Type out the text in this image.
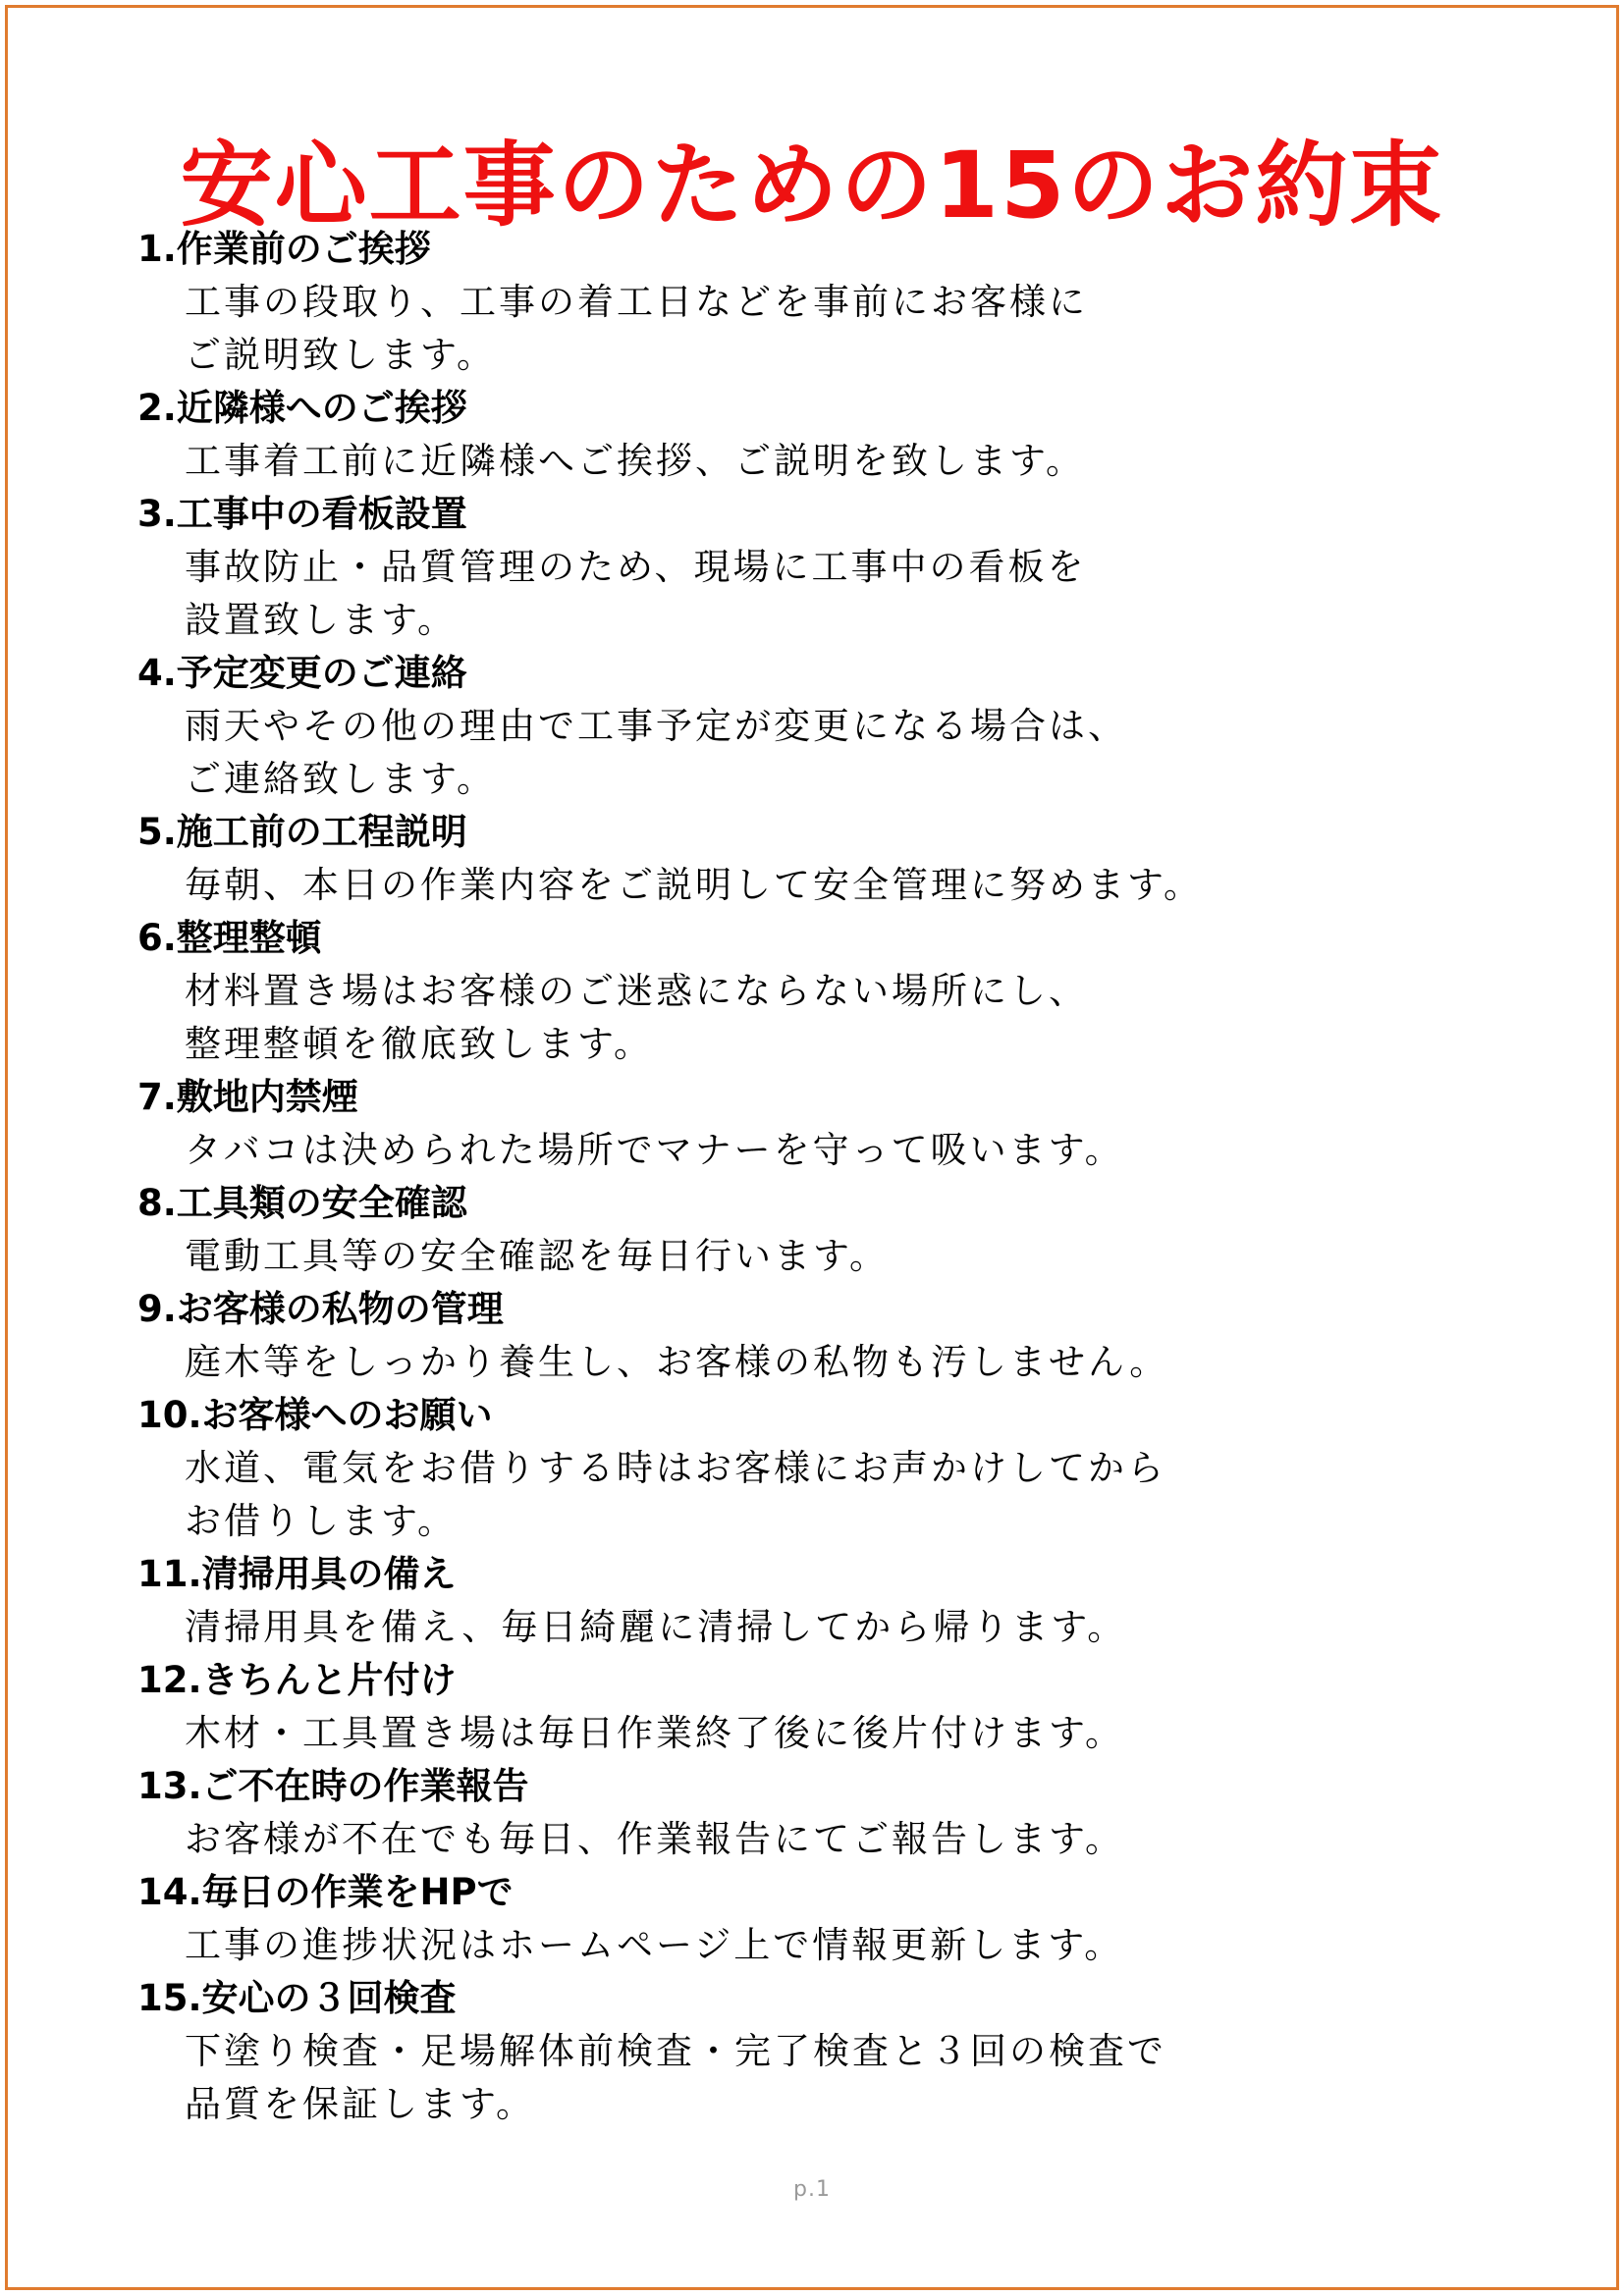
安心工事のための15のお約束
1.作業前のご挨拶
工事の段取り、工事の着工日などを事前にお客様に
ご説明致します。
2.近隣様へのご挨拶
工事着工前に近隣様へご挨拶、ご説明を致します。
3.工事中の看板設置
事故防止・品質管理のため、現場に工事中の看板を
設置致します。
4.予定変更のご連絡
雨天やその他の理由で工事予定が変更になる場合は、
ご連絡致します。
5.施工前の工程説明
毎朝、本日の作業内容をご説明して安全管理に努めます。
6.整理整頓
材料置き場はお客様のご迷惑にならない場所にし、
整理整頓を徹底致します。
7.敷地内禁煙
タバコは決められた場所でマナーを守って吸います。
8.工具類の安全確認
電動工具等の安全確認を毎日行います。
9.お客様の私物の管理
庭木等をしっかり養生し、お客様の私物も汚しません。
10.お客様へのお願い
水道、電気をお借りする時はお客様にお声かけしてから
お借りします。
11.清掃用具の備え
清掃用具を備え、毎日綺麗に清掃してから帰ります。
12.きちんと片付け
木材・工具置き場は毎日作業終了後に後片付けます。
13.ご不在時の作業報告
お客様が不在でも毎日、作業報告にてご報告します。
14.毎日の作業をHPで
工事の進捗状況はホームページ上で情報更新します。
15.安心の３回検査
下塗り検査・足場解体前検査・完了検査と３回の検査で
品質を保証します。
p.1
